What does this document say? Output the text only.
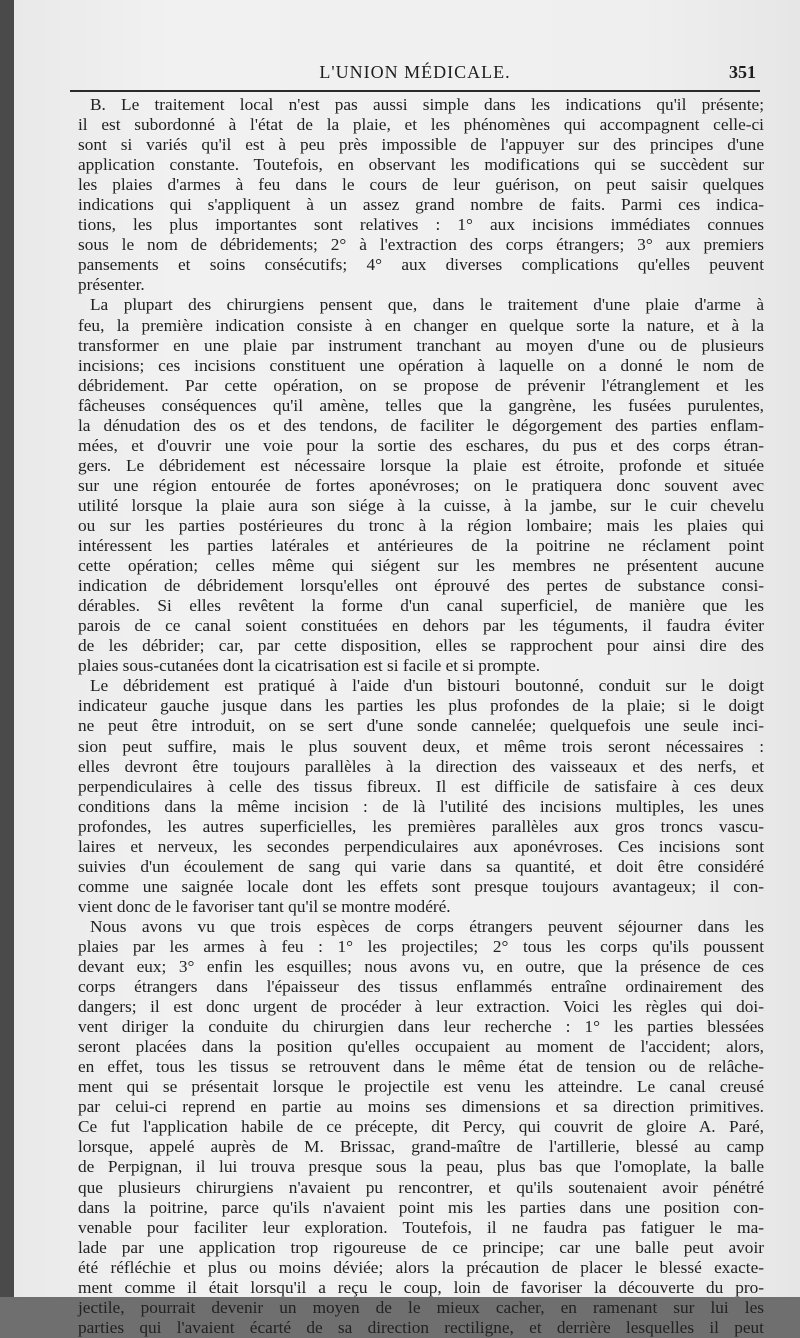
L'UNION MÉDICALE.	351
B. Le traitement local n'est pas aussi simple dans les indications qu'il présente;
il est subordonné à l'état de la plaie, et les phénomènes qui accompagnent celle-ci
sont si variés qu'il est à peu près impossible de l'appuyer sur des principes d'une
application constante. Toutefois, en observant les modifications qui se succèdent sur
les plaies d'armes à feu dans le cours de leur guérison, on peut saisir quelques
indications qui s'appliquent à un assez grand nombre de faits. Parmi ces indica-
tions, les plus importantes sont relatives : 1° aux incisions immédiates connues
sous le nom de débridements; 2° à l'extraction des corps étrangers; 3° aux premiers
pansements et soins consécutifs; 4° aux diverses complications qu'elles peuvent
présenter.
La plupart des chirurgiens pensent que, dans le traitement d'une plaie d'arme à
feu, la première indication consiste à en changer en quelque sorte la nature, et à la
transformer en une plaie par instrument tranchant au moyen d'une ou de plusieurs
incisions; ces incisions constituent une opération à laquelle on a donné le nom de
débridement. Par cette opération, on se propose de prévenir l'étranglement et les
fâcheuses conséquences qu'il amène, telles que la gangrène, les fusées purulentes,
la dénudation des os et des tendons, de faciliter le dégorgement des parties enflam-
mées, et d'ouvrir une voie pour la sortie des eschares, du pus et des corps étran-
gers. Le débridement est nécessaire lorsque la plaie est étroite, profonde et située
sur une région entourée de fortes aponévroses; on le pratiquera donc souvent avec
utilité lorsque la plaie aura son siége à la cuisse, à la jambe, sur le cuir chevelu
ou sur les parties postérieures du tronc à la région lombaire; mais les plaies qui
intéressent les parties latérales et antérieures de la poitrine ne réclament point
cette opération; celles même qui siégent sur les membres ne présentent aucune
indication de débridement lorsqu'elles ont éprouvé des pertes de substance consi-
dérables. Si elles revêtent la forme d'un canal superficiel, de manière que les
parois de ce canal soient constituées en dehors par les téguments, il faudra éviter
de les débrider; car, par cette disposition, elles se rapprochent pour ainsi dire des
plaies sous-cutanées dont la cicatrisation est si facile et si prompte.
Le débridement est pratiqué à l'aide d'un bistouri boutonné, conduit sur le doigt
indicateur gauche jusque dans les parties les plus profondes de la plaie; si le doigt
ne peut être introduit, on se sert d'une sonde cannelée; quelquefois une seule inci-
sion peut suffire, mais le plus souvent deux, et même trois seront nécessaires :
elles devront être toujours parallèles à la direction des vaisseaux et des nerfs, et
perpendiculaires à celle des tissus fibreux. Il est difficile de satisfaire à ces deux
conditions dans la même incision : de là l'utilité des incisions multiples, les unes
profondes, les autres superficielles, les premières parallèles aux gros troncs vascu-
laires et nerveux, les secondes perpendiculaires aux aponévroses. Ces incisions sont
suivies d'un écoulement de sang qui varie dans sa quantité, et doit être considéré
comme une saignée locale dont les effets sont presque toujours avantageux; il con-
vient donc de le favoriser tant qu'il se montre modéré.
Nous avons vu que trois espèces de corps étrangers peuvent séjourner dans les
plaies par les armes à feu : 1° les projectiles; 2° tous les corps qu'ils poussent
devant eux; 3° enfin les esquilles; nous avons vu, en outre, que la présence de ces
corps étrangers dans l'épaisseur des tissus enflammés entraîne ordinairement des
dangers; il est donc urgent de procéder à leur extraction. Voici les règles qui doi-
vent diriger la conduite du chirurgien dans leur recherche : 1° les parties blessées
seront placées dans la position qu'elles occupaient au moment de l'accident; alors,
en effet, tous les tissus se retrouvent dans le même état de tension ou de relâche-
ment qui se présentait lorsque le projectile est venu les atteindre. Le canal creusé
par celui-ci reprend en partie au moins ses dimensions et sa direction primitives.
Ce fut l'application habile de ce précepte, dit Percy, qui couvrit de gloire A. Paré,
lorsque, appelé auprès de M. Brissac, grand-maître de l'artillerie, blessé au camp
de Perpignan, il lui trouva presque sous la peau, plus bas que l'omoplate, la balle
que plusieurs chirurgiens n'avaient pu rencontrer, et qu'ils soutenaient avoir pénétré
dans la poitrine, parce qu'ils n'avaient point mis les parties dans une position con-
venable pour faciliter leur exploration. Toutefois, il ne faudra pas fatiguer le ma-
lade par une application trop rigoureuse de ce principe; car une balle peut avoir
été réfléchie et plus ou moins déviée; alors la précaution de placer le blessé exacte-
ment comme il était lorsqu'il a reçu le coup, loin de favoriser la découverte du pro-
jectile, pourrait devenir un moyen de le mieux cacher, en ramenant sur lui les
parties qui l'avaient écarté de sa direction rectiligne, et derrière lesquelles il peut
